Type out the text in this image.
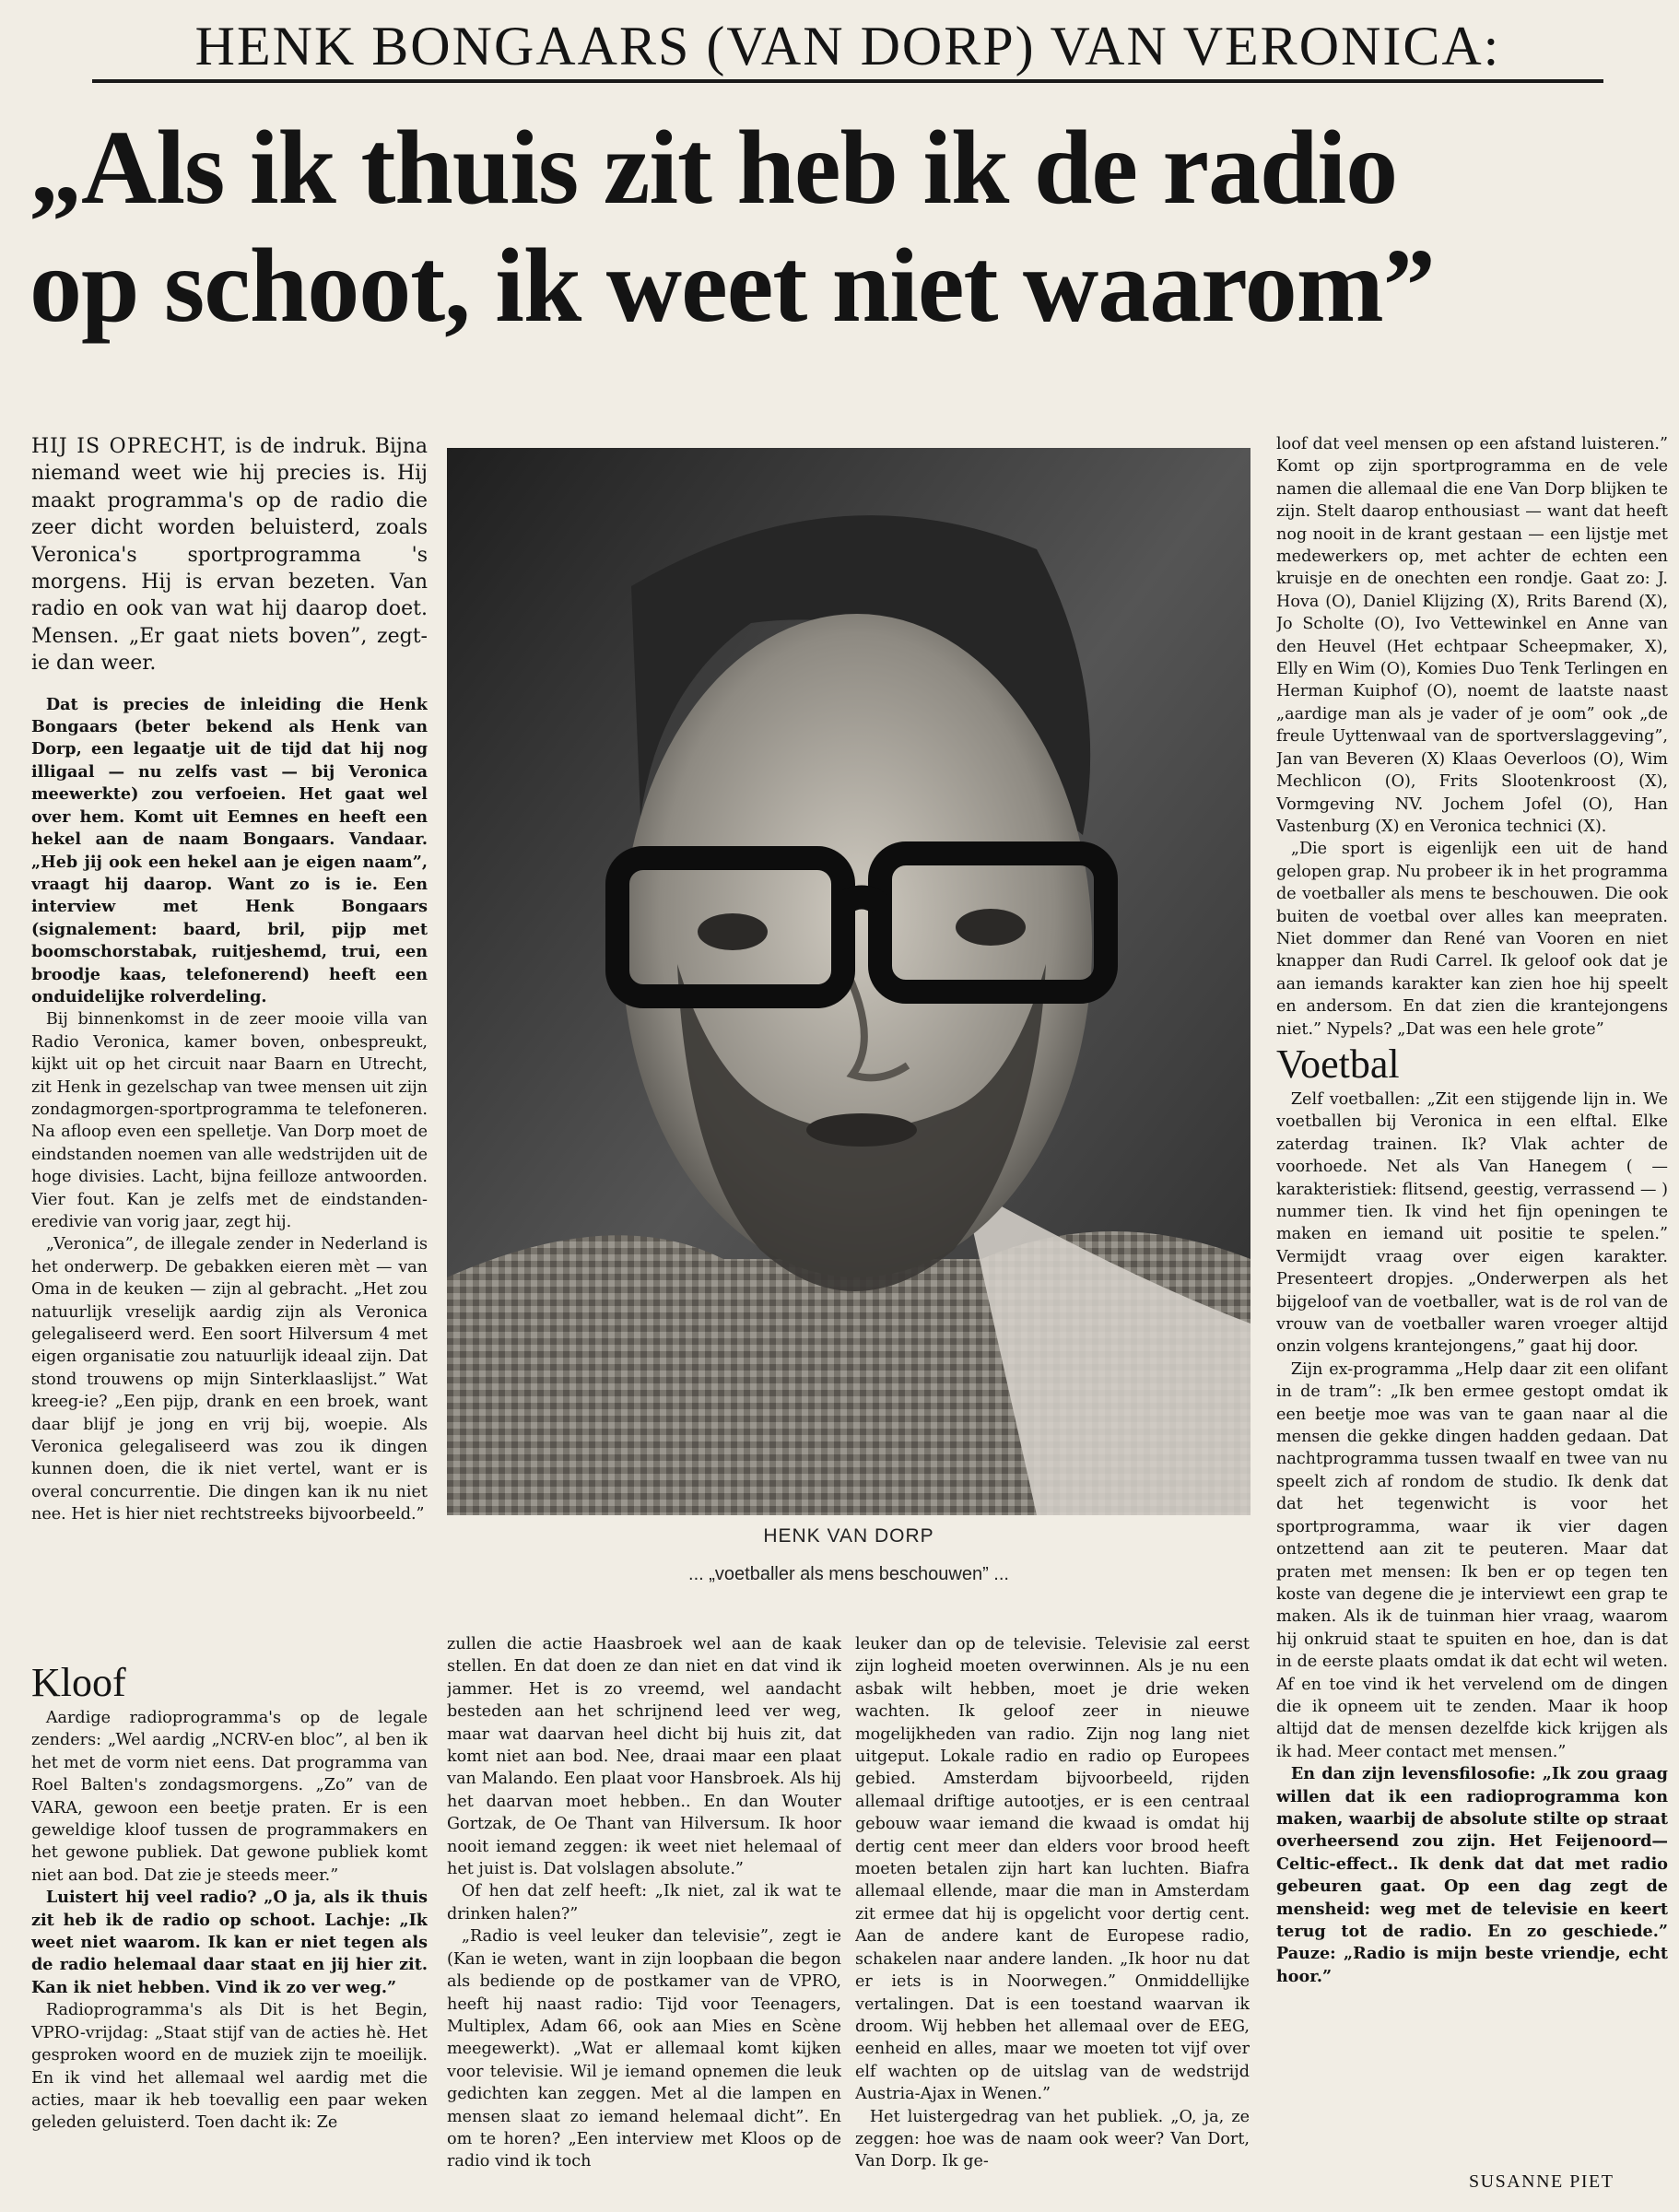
HENK BONGAARS (VAN DORP) VAN VERONICA:
„Als ik thuis zit heb ik de radio
op schoot, ik weet niet waarom”

HIJ IS OPRECHT, is de indruk. Bijna niemand weet wie hij precies is. Hij maakt programma's op de radio die zeer dicht worden beluisterd, zoals Veronica's sportprogramma 's morgens. Hij is ervan bezeten. Van radio en ook van wat hij daarop doet. Mensen. „Er gaat niets boven”, zegt-ie dan weer.

Dat is precies de inleiding die Henk Bongaars (beter bekend als Henk van Dorp, een legaatje uit de tijd dat hij nog illigaal — nu zelfs vast — bij Veronica meewerkte) zou verfoeien. Het gaat wel over hem. Komt uit Eemnes en heeft een hekel aan de naam Bongaars. Vandaar. „Heb jij ook een hekel aan je eigen naam”, vraagt hij daarop. Want zo is ie. Een interview met Henk Bongaars (signalement: baard, bril, pijp met boomschorstabak, ruitjeshemd, trui, een broodje kaas, telefonerend) heeft een onduidelijke rolverdeling.

Bij binnenkomst in de zeer mooie villa van Radio Veronica, kamer boven, onbespreukt, kijkt uit op het circuit naar Baarn en Utrecht, zit Henk in gezelschap van twee mensen uit zijn zondagmorgen-sportprogramma te telefoneren. Na afloop even een spelletje. Van Dorp moet de eindstanden noemen van alle wedstrijden uit de hoge divisies. Lacht, bijna feilloze antwoorden. Vier fout. Kan je zelfs met de eindstanden-eredivie van vorig jaar, zegt hij.

„Veronica”, de illegale zender in Nederland is het onderwerp. De gebakken eieren mèt — van Oma in de keuken — zijn al gebracht. „Het zou natuurlijk vreselijk aardig zijn als Veronica gelegaliseerd werd. Een soort Hilversum 4 met eigen organisatie zou natuurlijk ideaal zijn. Dat stond trouwens op mijn Sinterklaaslijst.” Wat kreeg-ie? „Een pijp, drank en een broek, want daar blijf je jong en vrij bij, woepie. Als Veronica gelegaliseerd was zou ik dingen kunnen doen, die ik niet vertel, want er is overal concurrentie. Die dingen kan ik nu niet nee. Het is hier niet rechtstreeks bijvoorbeeld.”

Kloof

Aardige radioprogramma's op de legale zenders: „Wel aardig „NCRV-en bloc”, al ben ik het met de vorm niet eens. Dat programma van Roel Balten's zondagsmorgens. „Zo” van de VARA, gewoon een beetje praten. Er is een geweldige kloof tussen de programmakers en het gewone publiek. Dat gewone publiek komt niet aan bod. Dat zie je steeds meer.”

Luistert hij veel radio? „O ja, als ik thuis zit heb ik de radio op schoot. Lachje: „Ik weet niet waarom. Ik kan er niet tegen als de radio helemaal daar staat en jij hier zit. Kan ik niet hebben. Vind ik zo ver weg.”

Radioprogramma's als Dit is het Begin, VPRO-vrijdag: „Staat stijf van de acties hè. Het gesproken woord en de muziek zijn te moeilijk. En ik vind het allemaal wel aardig met die acties, maar ik heb toevallig een paar weken geleden geluisterd. Toen dacht ik: Ze

HENK VAN DORP
... „voetballer als mens beschouwen” ...

zullen die actie Haasbroek wel aan de kaak stellen. En dat doen ze dan niet en dat vind ik jammer. Het is zo vreemd, wel aandacht besteden aan het schrijnend leed ver weg, maar wat daarvan heel dicht bij huis zit, dat komt niet aan bod. Nee, draai maar een plaat van Malando. Een plaat voor Hansbroek. Als hij het daarvan moet hebben.. En dan Wouter Gortzak, de Oe Thant van Hilversum. Ik hoor nooit iemand zeggen: ik weet niet helemaal of het juist is. Dat volslagen absolute.”

Of hen dat zelf heeft: „Ik niet, zal ik wat te drinken halen?”

„Radio is veel leuker dan televisie”, zegt ie (Kan ie weten, want in zijn loopbaan die begon als bediende op de postkamer van de VPRO, heeft hij naast radio: Tijd voor Teenagers, Multiplex, Adam 66, ook aan Mies en Scène meegewerkt). „Wat er allemaal komt kijken voor televisie. Wil je iemand opnemen die leuk gedichten kan zeggen. Met al die lampen en mensen slaat zo iemand helemaal dicht”. En om te horen? „Een interview met Kloos op de radio vind ik toch

leuker dan op de televisie. Televisie zal eerst zijn logheid moeten overwinnen. Als je nu een asbak wilt hebben, moet je drie weken wachten. Ik geloof zeer in nieuwe mogelijkheden van radio. Zijn nog lang niet uitgeput. Lokale radio en radio op Europees gebied. Amsterdam bijvoorbeeld, rijden allemaal driftige autootjes, er is een centraal gebouw waar iemand die kwaad is omdat hij dertig cent meer dan elders voor brood heeft moeten betalen zijn hart kan luchten. Biafra allemaal ellende, maar die man in Amsterdam zit ermee dat hij is opgelicht voor dertig cent. Aan de andere kant de Europese radio, schakelen naar andere landen. „Ik hoor nu dat er iets is in Noorwegen.” Onmiddellijke vertalingen. Dat is een toestand waarvan ik droom. Wij hebben het allemaal over de EEG, eenheid en alles, maar we moeten tot vijf over elf wachten op de uitslag van de wedstrijd Austria-Ajax in Wenen.”

Het luistergedrag van het publiek. „O, ja, ze zeggen: hoe was de naam ook weer? Van Dort, Van Dorp. Ik ge-

loof dat veel mensen op een afstand luisteren.” Komt op zijn sportprogramma en de vele namen die allemaal die ene Van Dorp blijken te zijn. Stelt daarop enthousiast — want dat heeft nog nooit in de krant gestaan — een lijstje met medewerkers op, met achter de echten een kruisje en de onechten een rondje. Gaat zo: J. Hova (O), Daniel Klijzing (X), Rrits Barend (X), Jo Scholte (O), Ivo Vettewinkel en Anne van den Heuvel (Het echtpaar Scheepmaker, X), Elly en Wim (O), Komies Duo Tenk Terlingen en Herman Kuiphof (O), noemt de laatste naast „aardige man als je vader of je oom” ook „de freule Uyttenwaal van de sportverslaggeving”, Jan van Beveren (X) Klaas Oeverloos (O), Wim Mechlicon (O), Frits Slootenkroost (X), Vormgeving NV. Jochem Jofel (O), Han Vastenburg (X) en Veronica technici (X).

„Die sport is eigenlijk een uit de hand gelopen grap. Nu probeer ik in het programma de voetballer als mens te beschouwen. Die ook buiten de voetbal over alles kan meepraten. Niet dommer dan René van Vooren en niet knapper dan Rudi Carrel. Ik geloof ook dat je aan iemands karakter kan zien hoe hij speelt en andersom. En dat zien die krantejongens niet.” Nypels? „Dat was een hele grote”

Voetbal

Zelf voetballen: „Zit een stijgende lijn in. We voetballen bij Veronica in een elftal. Elke zaterdag trainen. Ik? Vlak achter de voorhoede. Net als Van Hanegem ( — karakteristiek: flitsend, geestig, verrassend — ) nummer tien. Ik vind het fijn openingen te maken en iemand uit positie te spelen.” Vermijdt vraag over eigen karakter. Presenteert dropjes. „Onderwerpen als het bijgeloof van de voetballer, wat is de rol van de vrouw van de voetballer waren vroeger altijd onzin volgens krantejongens,” gaat hij door.

Zijn ex-programma „Help daar zit een olifant in de tram”: „Ik ben ermee gestopt omdat ik een beetje moe was van te gaan naar al die mensen die gekke dingen hadden gedaan. Dat nachtprogramma tussen twaalf en twee van nu speelt zich af rondom de studio. Ik denk dat dat het tegenwicht is voor het sportprogramma, waar ik vier dagen ontzettend aan zit te peuteren. Maar dat praten met mensen: Ik ben er op tegen ten koste van degene die je interviewt een grap te maken. Als ik de tuinman hier vraag, waarom hij onkruid staat te spuiten en hoe, dan is dat in de eerste plaats omdat ik dat echt wil weten. Af en toe vind ik het vervelend om de dingen die ik opneem uit te zenden. Maar ik hoop altijd dat de mensen dezelfde kick krijgen als ik had. Meer contact met mensen.”

En dan zijn levensfilosofie: „Ik zou graag willen dat ik een radioprogramma kon maken, waarbij de absolute stilte op straat overheersend zou zijn. Het Feijenoord—Celtic-effect.. Ik denk dat dat met radio gebeuren gaat. Op een dag zegt de mensheid: weg met de televisie en keert terug tot de radio. En zo geschiede.” Pauze: „Radio is mijn beste vriendje, echt hoor.”

SUSANNE PIET
